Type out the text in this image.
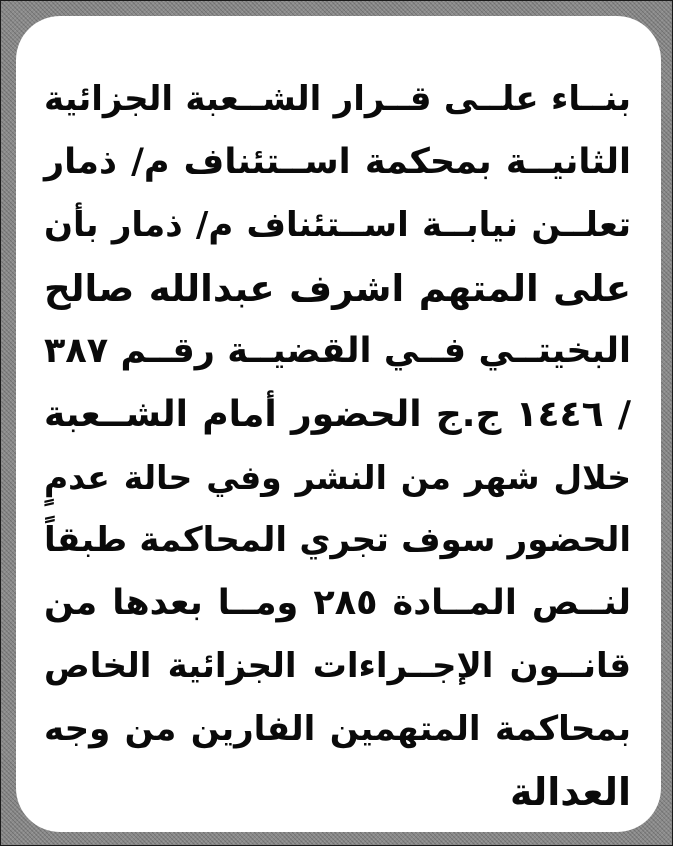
بنــاء علــى قــرار الشــعبة الجزائية
الثانيــة بمحكمة اســتئناف م/ ذمار
تعلــن نيابــة اســتئناف م/ ذمار بأن
على المتهم اشرف عبدالله صالح
البخيتــي فــي القضيــة رقــم ٣٨٧
/ ١٤٤٦ ج.ج الحضور أمام الشــعبة
خلال شهر من النشر وفي حالة عدمٍ
الحضور سوف تجري المحاكمة طبقاً
لنــص المــادة ٢٨٥ ومــا بعدها من
قانــون الإجــراءات الجزائية الخاص
بمحاكمة المتهمين الفارين من وجه
العدالة
